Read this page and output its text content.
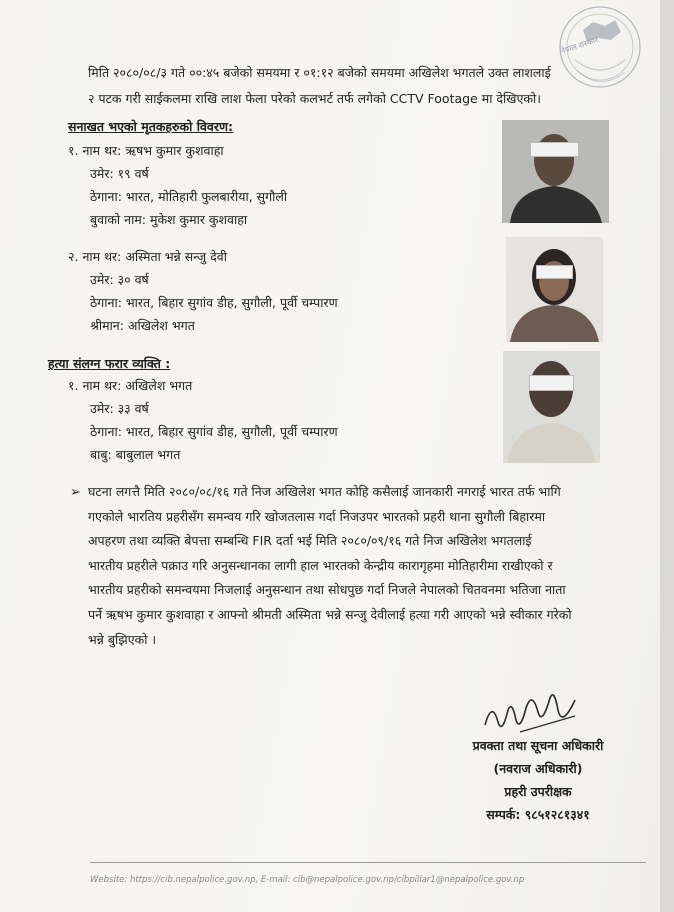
नेपाल सरकार
मिति २०८०/०८/३ गते ००:४५ बजेको समयमा र ०१:१२ बजेको समयमा अखिलेश भगतले उक्त लाशलाई
२ पटक गरी साईकलमा राखि लाश फेला परेको कलभर्ट तर्फ लगेको CCTV Footage मा देखिएको।
सनाखत भएको मृतकहरुको विवरण:
१. नाम थर: ऋषभ कुमार कुशवाहा
उमेर: १९ वर्ष
ठेगाना: भारत, मोतिहारी फुलबारीया, सुगौली
बुवाको नाम: मुकेश कुमार कुशवाहा
२. नाम थर: अस्मिता भन्ने सन्जु देवी
उमेर: ३० वर्ष
ठेगाना: भारत, बिहार सुगांव डीह, सुगौली, पूर्वी चम्पारण
श्रीमान: अखिलेश भगत
हत्या संलग्न फरार व्यक्ति :
१. नाम थर: अखिलेश भगत
उमेर: ३३ वर्ष
ठेगाना: भारत, बिहार सुगांव डीह, सुगौली, पूर्वी चम्पारण
बाबु: बाबुलाल भगत
➢ घटना लगत्तै मिति २०८०/०८/१६ गते निज अखिलेश भगत कोहि कसैलाई जानकारी नगराई भारत तर्फ भागि
गएकोले भारतिय प्रहरीसँग समन्वय गरि खोजतलास गर्दा निजउपर भारतको प्रहरी थाना सुगौली बिहारमा
अपहरण तथा व्यक्ति बेपत्ता सम्बन्धि FIR दर्ता भई मिति २०८०/०९/१६ गते निज अखिलेश भगतलाई
भारतीय प्रहरीले पक्राउ गरि अनुसन्धानका लागी हाल भारतको केन्द्रीय कारागृहमा मोतिहारीमा राखीएको र
भारतीय प्रहरीको समन्वयमा निजलाई अनुसन्धान तथा सोधपुछ गर्दा निजले नेपालको चितवनमा भतिजा नाता
पर्ने ऋषभ कुमार कुशवाहा र आफ्नो श्रीमती अस्मिता भन्ने सन्जु देवीलाई हत्या गरी आएको भन्ने स्वीकार गरेको
भन्ने बुझिएको ।
प्रवक्ता तथा सूचना अधिकारी
(नवराज अधिकारी)
प्रहरी उपरीक्षक
सम्पर्क: ९८५१२८१३४१
Website: https://cib.nepalpolice.gov.np, E-mail: cib@nepalpolice.gov.np/cibpillar1@nepalpolice.gov.np
